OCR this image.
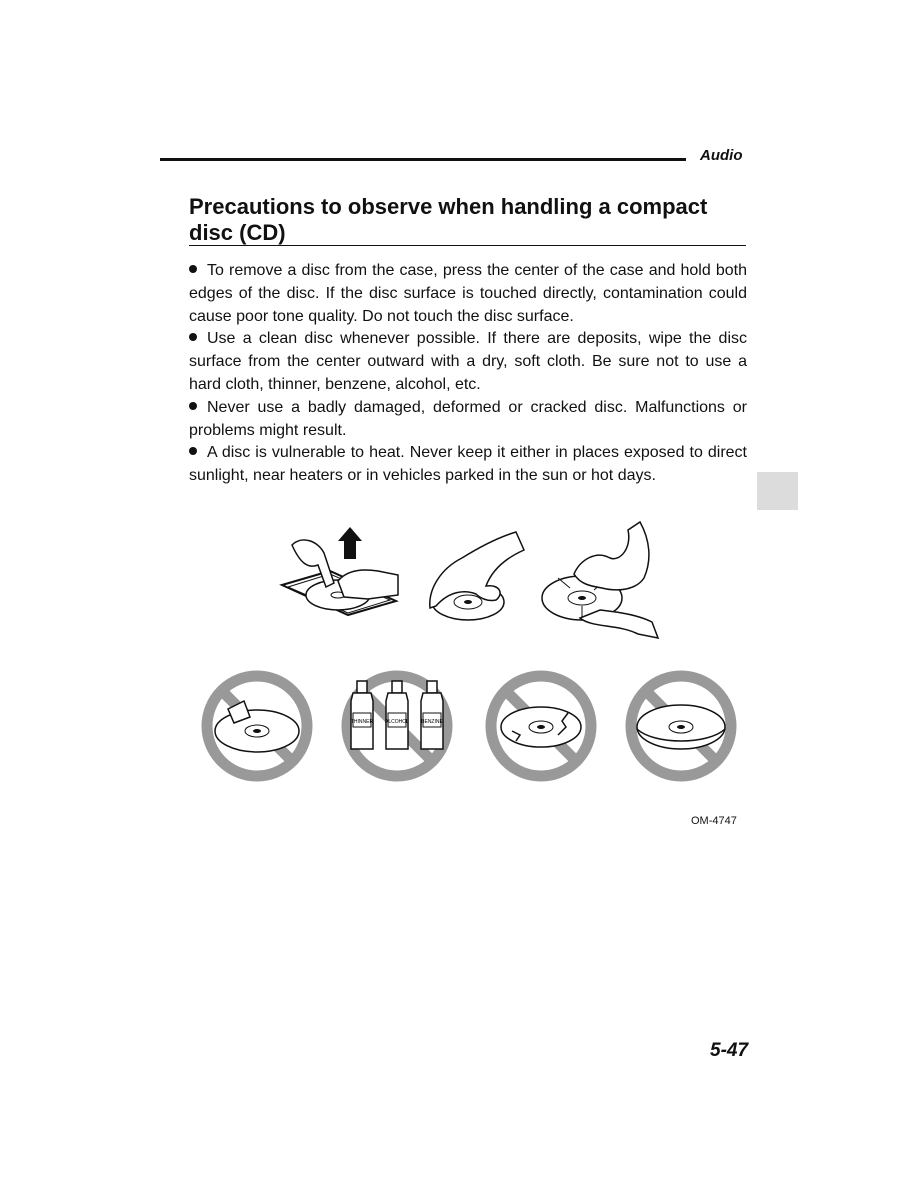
Audio
Precautions to observe when handling a compact disc (CD)

To remove a disc from the case, press the center of the case and hold both edges of the disc. If the disc surface is touched directly, contamination could cause poor tone quality. Do not touch the disc surface.

Use a clean disc whenever possible. If there are deposits, wipe the disc surface from the center outward with a dry, soft cloth. Be sure not to use a hard cloth, thinner, benzene, alcohol, etc.

Never use a badly damaged, deformed or cracked disc. Malfunctions or problems might result.

A disc is vulnerable to heat. Never keep it either in places exposed to direct sunlight, near heaters or in vehicles parked in the sun or hot days.

THINNER ALCOHOL BENZINE
OM-4747
5-47
